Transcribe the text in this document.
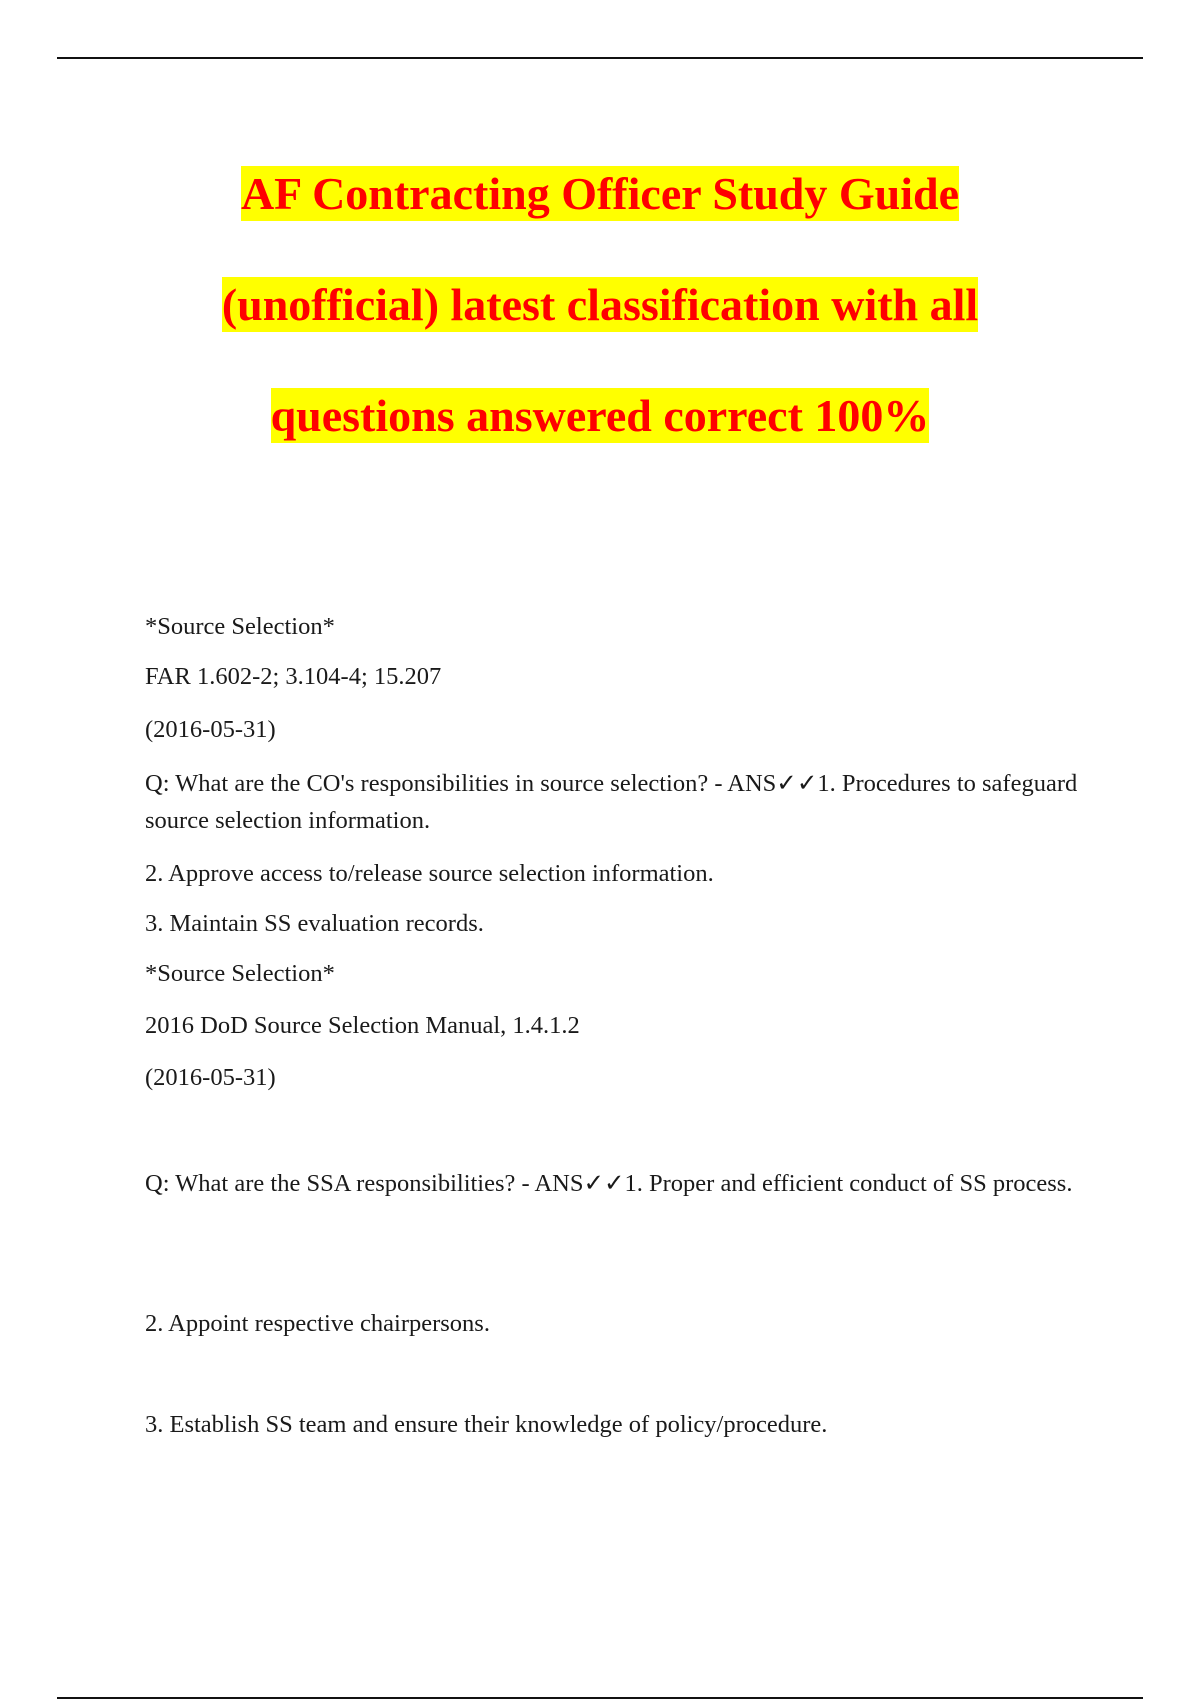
AF Contracting Officer Study Guide
(unofficial) latest classification with all
questions answered correct 100%
*Source Selection*
FAR 1.602-2; 3.104-4; 15.207
(2016-05-31)
Q: What are the CO's responsibilities in source selection? - ANS✓✓1. Procedures to safeguard source selection information.
2. Approve access to/release source selection information.
3. Maintain SS evaluation records.
*Source Selection*
2016 DoD Source Selection Manual, 1.4.1.2
(2016-05-31)
Q: What are the SSA responsibilities? - ANS✓✓1. Proper and efficient conduct of SS process.
2. Appoint respective chairpersons.
3. Establish SS team and ensure their knowledge of policy/procedure.
